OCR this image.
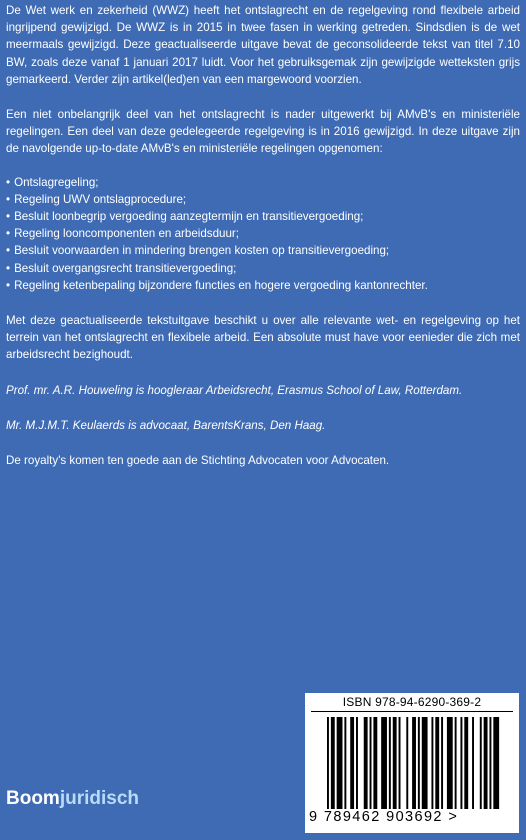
De Wet werk en zekerheid (WWZ) heeft het ontslagrecht en de regelgeving rond flexibele arbeid ingrijpend gewijzigd. De WWZ is in 2015 in twee fasen in werking getreden. Sindsdien is de wet meermaals gewijzigd. Deze geactualiseerde uitgave bevat de geconsolideerde tekst van titel 7.10 BW, zoals deze vanaf 1 januari 2017 luidt. Voor het gebruiksgemak zijn gewijzigde wetteksten grijs gemarkeerd. Verder zijn artikel(led)en van een margewoord voorzien.

Een niet onbelangrijk deel van het ontslagrecht is nader uitgewerkt bij AMvB's en ministeriële regelingen. Een deel van deze gedelegeerde regelgeving is in 2016 gewijzigd. In deze uitgave zijn de navolgende up-to-date AMvB's en ministeriële regelingen opgenomen:

• Ontslagregeling;
• Regeling UWV ontslagprocedure;
• Besluit loonbegrip vergoeding aanzegtermijn en transitievergoeding;
• Regeling looncomponenten en arbeidsduur;
• Besluit voorwaarden in mindering brengen kosten op transitievergoeding;
• Besluit overgangsrecht transitievergoeding;
• Regeling ketenbepaling bijzondere functies en hogere vergoeding kantonrechter.

Met deze geactualiseerde tekstuitgave beschikt u over alle relevante wet- en regelgeving op het terrein van het ontslagrecht en flexibele arbeid. Een absolute must have voor eenieder die zich met arbeidsrecht bezighoudt.

Prof. mr. A.R. Houweling is hoogleraar Arbeidsrecht, Erasmus School of Law, Rotterdam.

Mr. M.J.M.T. Keulaerds is advocaat, BarentsKrans, Den Haag.

De royalty's komen ten goede aan de Stichting Advocaten voor Advocaten.

ISBN 978-94-6290-369-2
9 789462 903692 >
Boomjuridisch
